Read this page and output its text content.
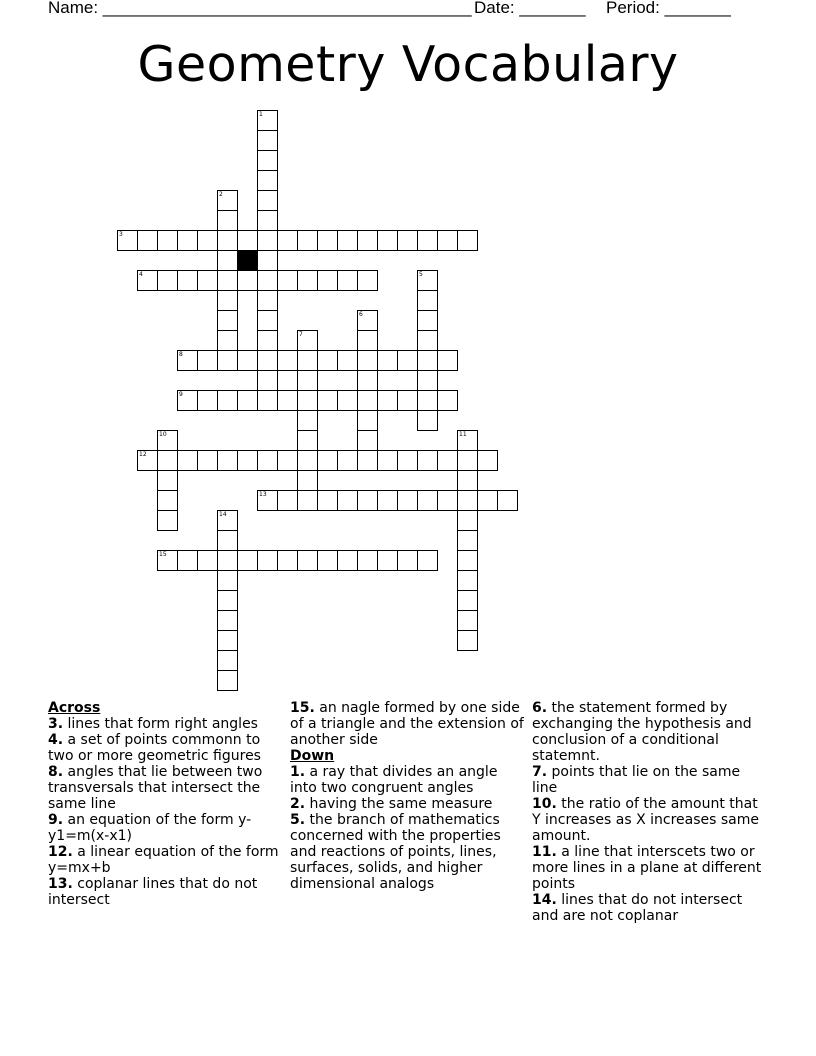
Name: _______________________________________ Date: _______ Period: _______
Geometry Vocabulary
1
2
3
4	5
6
7
8
9
10	11
12
13
14
15
Across
3. lines that form right angles
4. a set of points commonn to two or more geometric figures
8. angles that lie between two transversals that intersect the same line
9. an equation of the form y-y1=m(x-x1)
12. a linear equation of the form y=mx+b
13. coplanar lines that do not intersect
15. an nagle formed by one side of a triangle and the extension of another side
Down
1. a ray that divides an angle into two congruent angles
2. having the same measure
5. the branch of mathematics concerned with the properties and reactions of points, lines, surfaces, solids, and higher dimensional analogs
6. the statement formed by exchanging the hypothesis and conclusion of a conditional statemnt.
7. points that lie on the same line
10. the ratio of the amount that Y increases as X increases same amount.
11. a line that interscets two or more lines in a plane at different points
14. lines that do not intersect and are not coplanar
